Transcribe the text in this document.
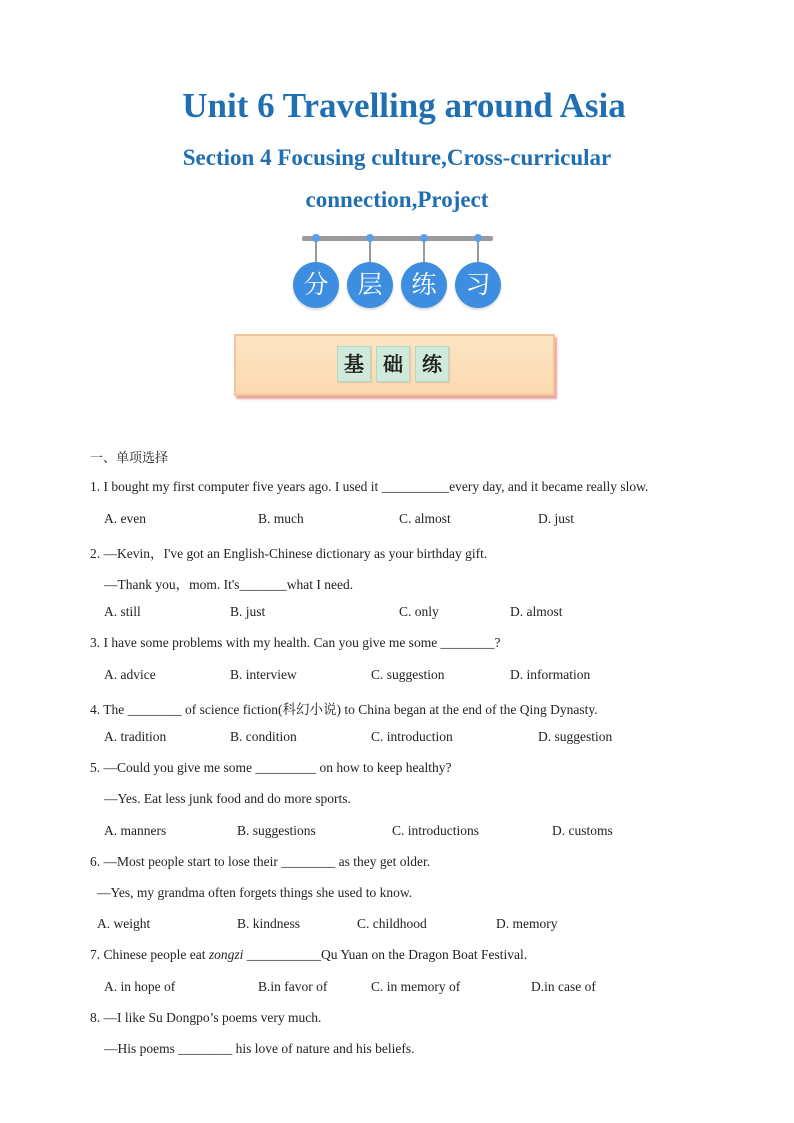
Unit 6 Travelling around Asia
Section 4 Focusing culture,Cross-curricular
connection,Project
分	层	练	习
基 础 练
一、单项选择
1. I bought my first computer five years ago. I used it __________every day, and it became really slow.
A. even	B. much	C. almost	D. just
2. —Kevin，I've got an English-Chinese dictionary as your birthday gift.
—Thank you，mom. It's_______what I need.
A. still	B. just	C. only	D. almost
3. I have some problems with my health. Can you give me some ________?
A. advice	B. interview	C. suggestion	D. information
4. The ________ of science fiction(科幻小说) to China began at the end of the Qing Dynasty.
A. tradition	B. condition	C. introduction	D. suggestion
5. —Could you give me some _________ on how to keep healthy?
—Yes. Eat less junk food and do more sports.
A. manners	B. suggestions	C. introductions	D. customs
6. —Most people start to lose their ________ as they get older.
—Yes, my grandma often forgets things she used to know.
A. weight	B. kindness	C. childhood	D. memory
7. Chinese people eat zongzi ___________Qu Yuan on the Dragon Boat Festival.
A. in hope of	B.in favor of	C. in memory of	D.in case of
8. —I like Su Dongpo’s poems very much.
—His poems ________ his love of nature and his beliefs.
